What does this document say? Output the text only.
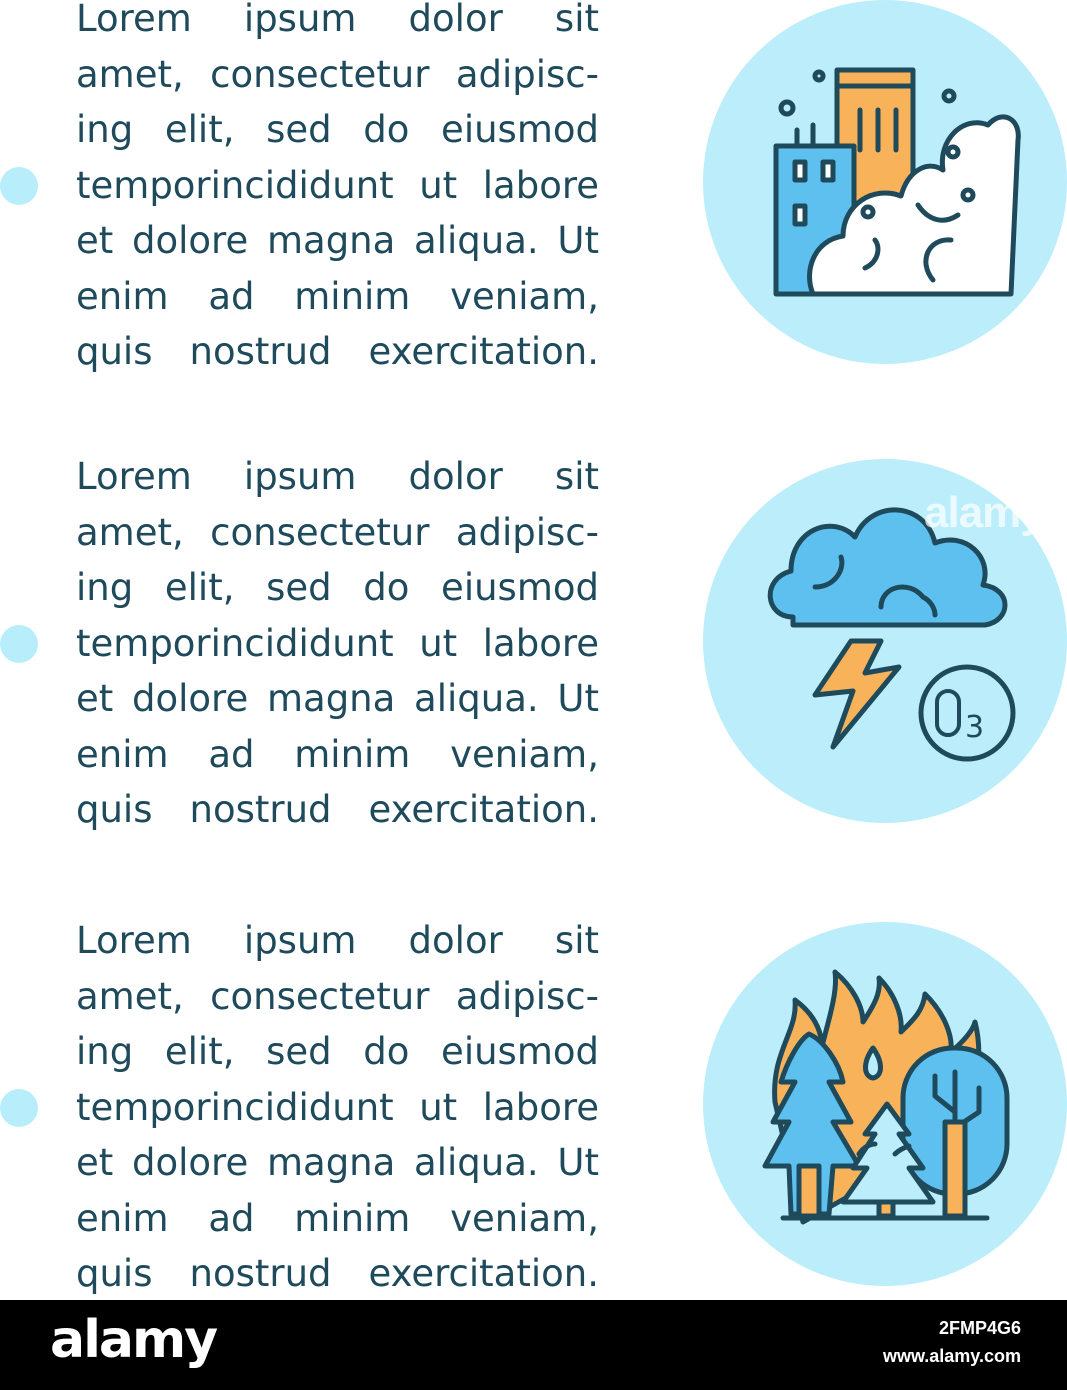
Lorem ipsum dolor sit
amet, consectetur adipisc-
ing elit, sed do eiusmod
temporincididunt ut labore
et dolore magna aliqua. Ut
enim ad minim veniam,
quis nostrud exercitation.

Lorem ipsum dolor sit
amet, consectetur adipisc-
ing elit, sed do eiusmod
temporincididunt ut labore
et dolore magna aliqua. Ut
enim ad minim veniam,
quis nostrud exercitation.

3

Lorem ipsum dolor sit
amet, consectetur adipisc-
ing elit, sed do eiusmod
temporincididunt ut labore
et dolore magna aliqua. Ut
enim ad minim veniam,
quis nostrud exercitation.

alamy
alamy	2FMP4G6
www.alamy.com
